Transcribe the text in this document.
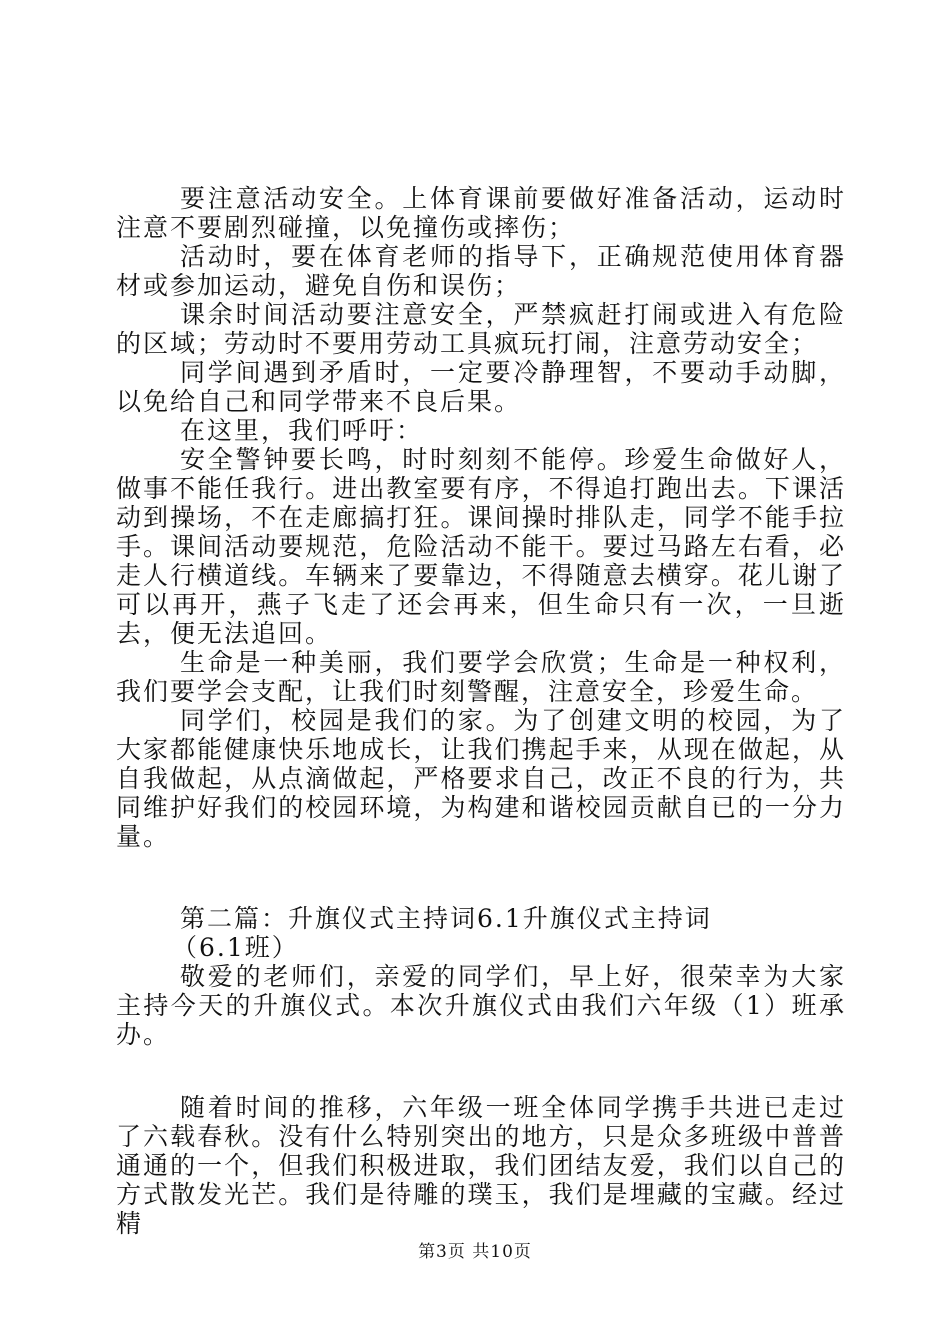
要注意活动安全。上体育课前要做好准备活动，运动时注意不要剧烈碰撞，以免撞伤或摔伤；

活动时，要在体育老师的指导下，正确规范使用体育器材或参加运动，避免自伤和误伤；

课余时间活动要注意安全，严禁疯赶打闹或进入有危险的区域；劳动时不要用劳动工具疯玩打闹，注意劳动安全；

同学间遇到矛盾时，一定要冷静理智，不要动手动脚，以免给自己和同学带来不良后果。

在这里，我们呼吁：

安全警钟要长鸣，时时刻刻不能停。珍爱生命做好人，做事不能任我行。进出教室要有序，不得追打跑出去。下课活动到操场，不在走廊搞打狂。课间操时排队走，同学不能手拉手。课间活动要规范，危险活动不能干。要过马路左右看，必走人行横道线。车辆来了要靠边，不得随意去横穿。花儿谢了可以再开，燕子飞走了还会再来，但生命只有一次，一旦逝去，便无法追回。

生命是一种美丽，我们要学会欣赏；生命是一种权利，我们要学会支配，让我们时刻警醒，注意安全，珍爱生命。

同学们，校园是我们的家。为了创建文明的校园，为了大家都能健康快乐地成长，让我们携起手来，从现在做起，从自我做起，从点滴做起，严格要求自己，改正不良的行为，共同维护好我们的校园环境，为构建和谐校园贡献自已的一分力量。

第二篇：升旗仪式主持词6.1升旗仪式主持词

（6.1班）

敬爱的老师们，亲爱的同学们，早上好，很荣幸为大家主持今天的升旗仪式。本次升旗仪式由我们六年级（1）班承办。

随着时间的推移，六年级一班全体同学携手共进已走过了六载春秋。没有什么特别突出的地方，只是众多班级中普普通通的一个，但我们积极进取，我们团结友爱，我们以自己的方式散发光芒。我们是待雕的璞玉，我们是埋藏的宝藏。经过精

第3页 共10页
